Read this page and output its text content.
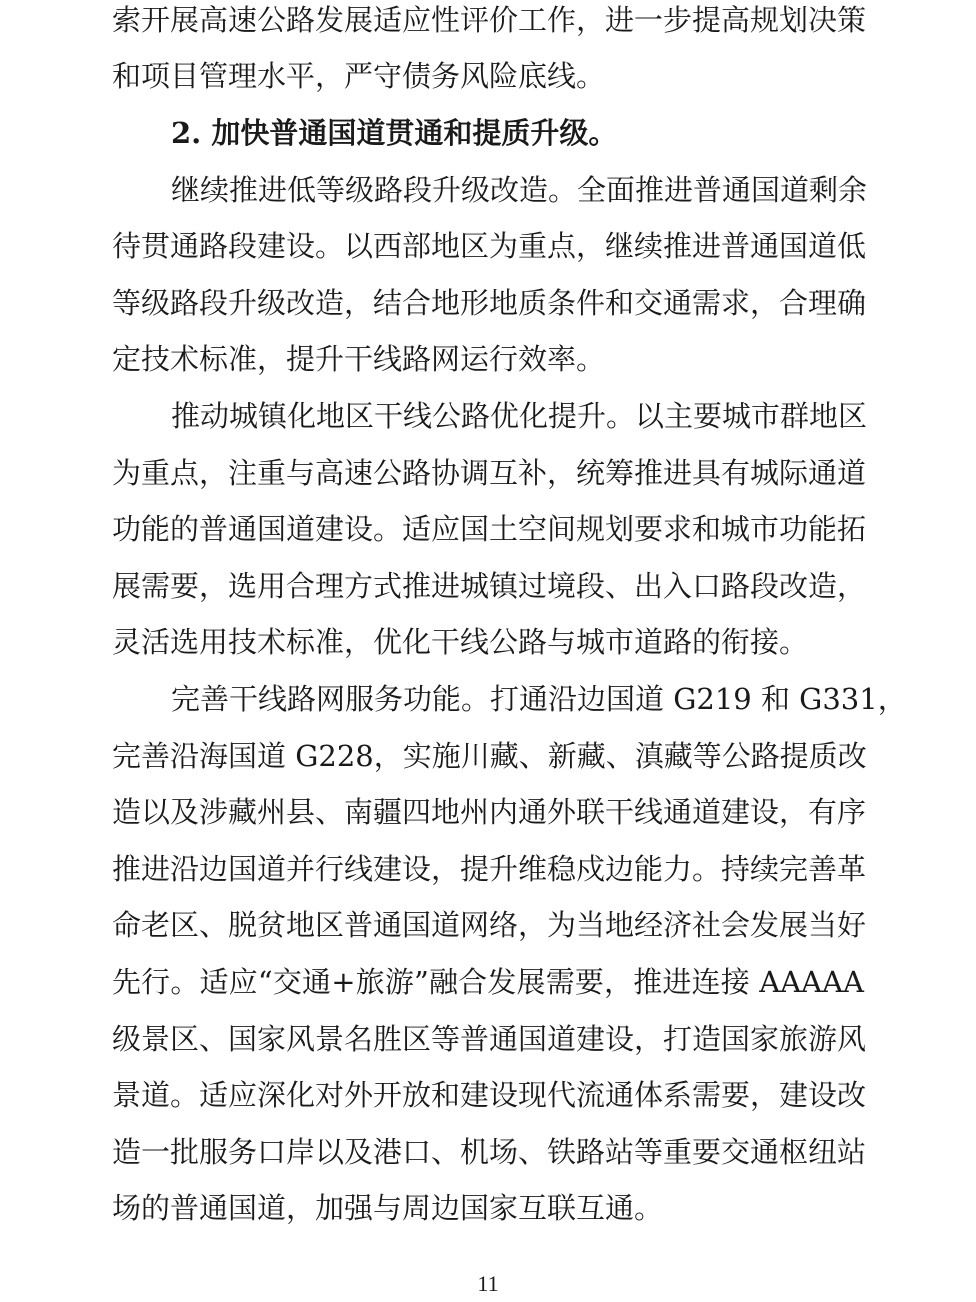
索开展高速公路发展适应性评价工作，进一步提高规划决策
和项目管理水平，严守债务风险底线。
2. 加快普通国道贯通和提质升级。
继续推进低等级路段升级改造。全面推进普通国道剩余
待贯通路段建设。以西部地区为重点，继续推进普通国道低
等级路段升级改造，结合地形地质条件和交通需求，合理确
定技术标准，提升干线路网运行效率。
推动城镇化地区干线公路优化提升。以主要城市群地区
为重点，注重与高速公路协调互补，统筹推进具有城际通道
功能的普通国道建设。适应国土空间规划要求和城市功能拓
展需要，选用合理方式推进城镇过境段、出入口路段改造，
灵活选用技术标准，优化干线公路与城市道路的衔接。
完善干线路网服务功能。打通沿边国道 G219 和 G331，
完善沿海国道 G228，实施川藏、新藏、滇藏等公路提质改
造以及涉藏州县、南疆四地州内通外联干线通道建设，有序
推进沿边国道并行线建设，提升维稳戍边能力。持续完善革
命老区、脱贫地区普通国道网络，为当地经济社会发展当好
先行。适应“交通+旅游”融合发展需要，推进连接 AAAAA
级景区、国家风景名胜区等普通国道建设，打造国家旅游风
景道。适应深化对外开放和建设现代流通体系需要，建设改
造一批服务口岸以及港口、机场、铁路站等重要交通枢纽站
场的普通国道，加强与周边国家互联互通。
11
